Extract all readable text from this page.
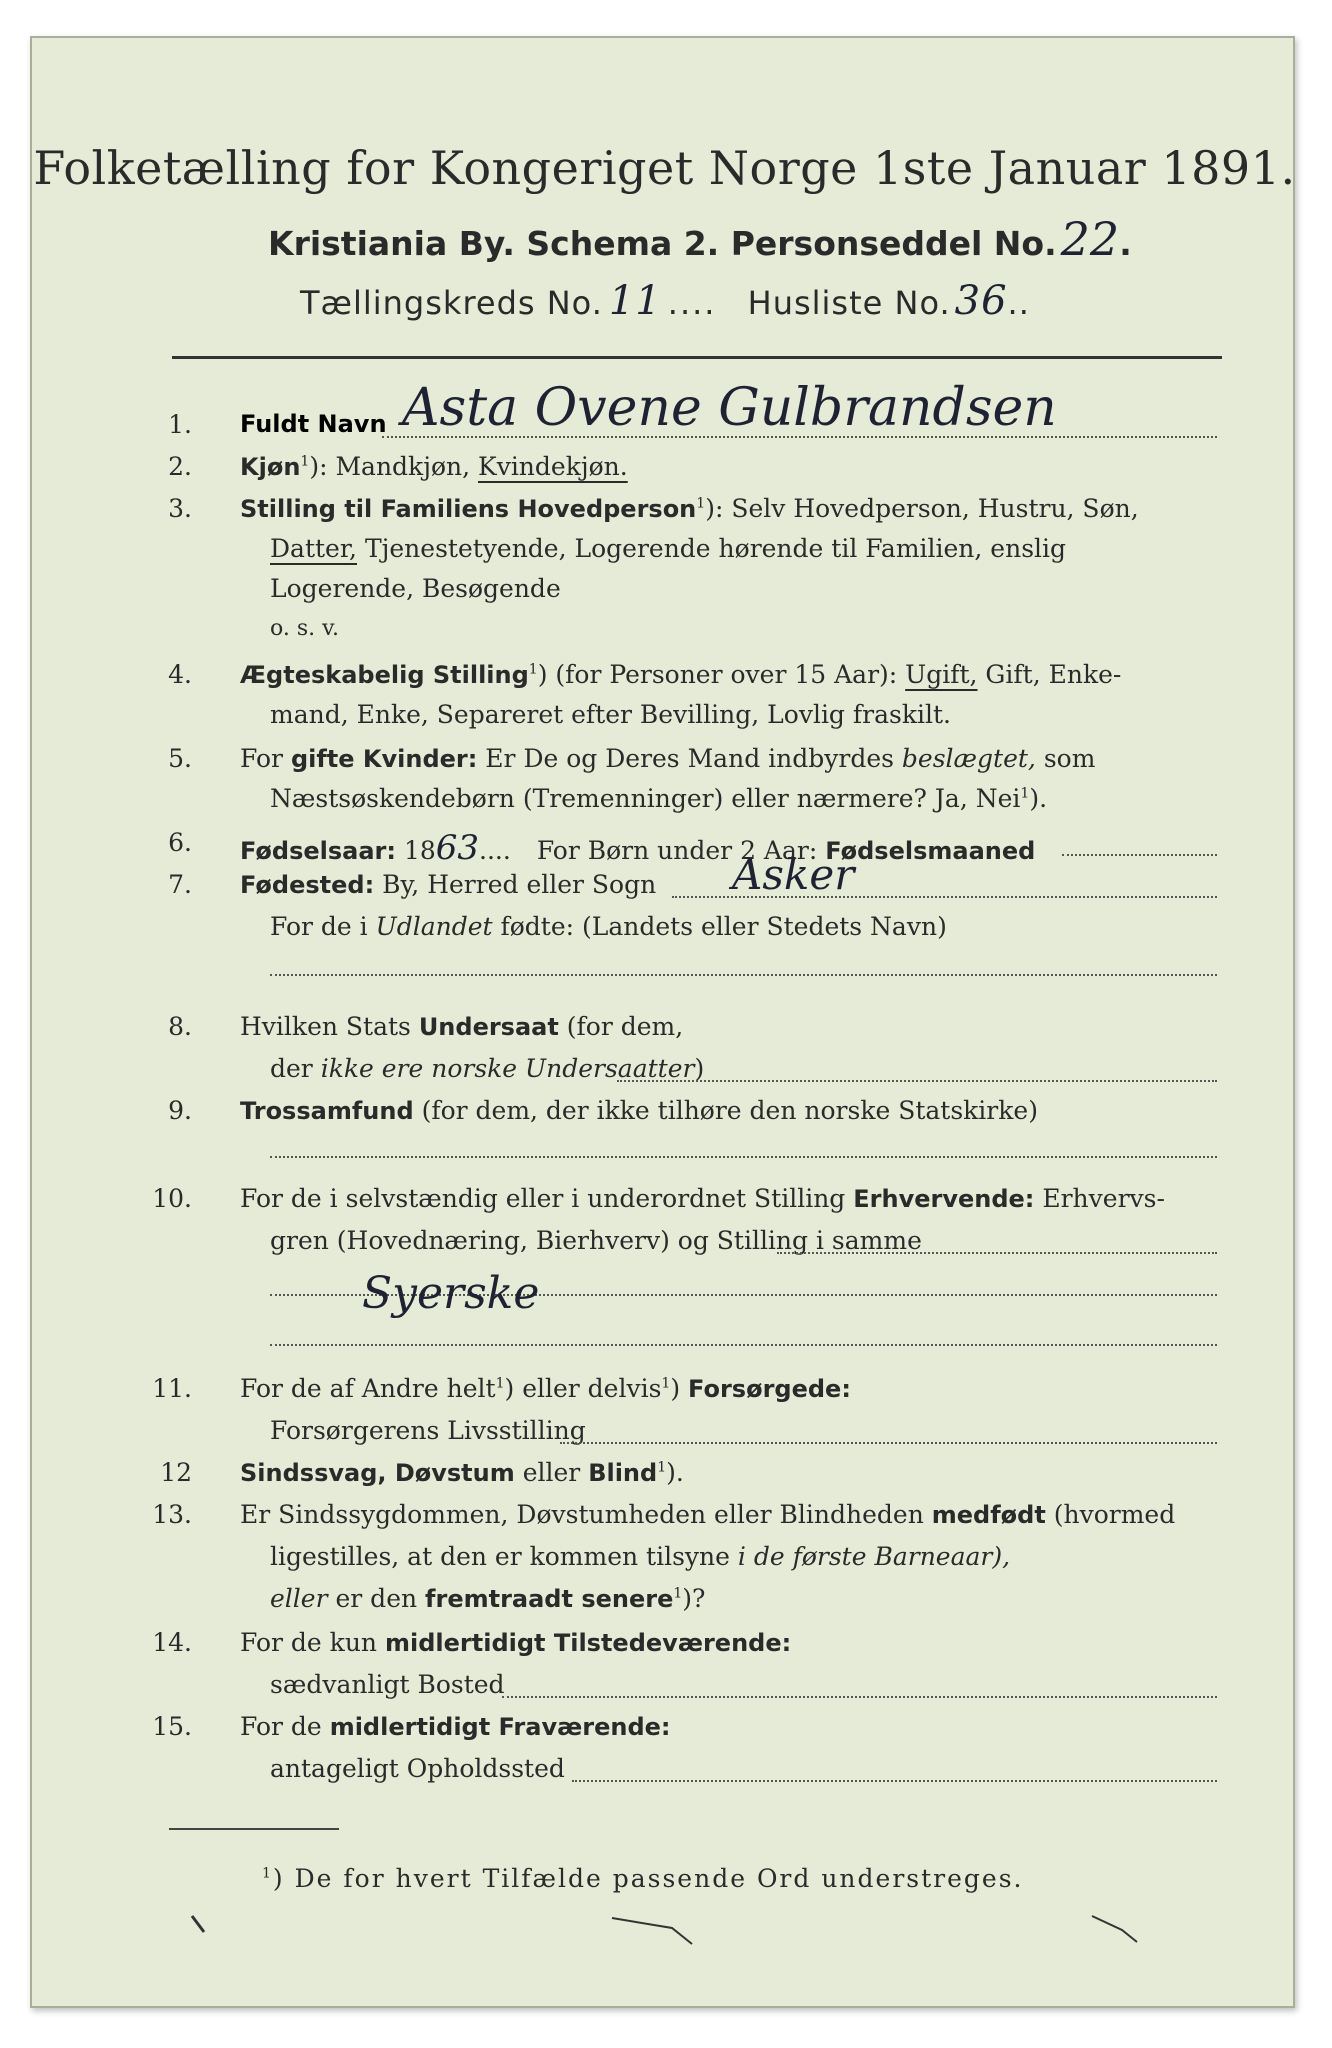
Folketælling for Kongeriget Norge 1ste Januar 1891.
Kristiania By. Schema 2. Personseddel No.22.
Tællingskreds No. 11 .... Husliste No. 36..
1. Fuldt Navn Asta Ovene Gulbrandsen
2. Kjøn$^1$): Mandkjøn, Kvindekjøn.
3. Stilling til Familiens Hovedperson$^1$): Selv Hovedperson, Hustru, Søn,
Datter, Tjenestetyende, Logerende hørende til Familien, enslig
Logerende, Besøgende
o. s. v.
4. Ægteskabelig Stilling$^1$) (for Personer over 15 Aar): Ugift, Gift, Enke-
mand, Enke, Separeret efter Bevilling, Lovlig fraskilt.
5. For gifte Kvinder: Er De og Deres Mand indbyrdes beslægtet, som
Næstsøskendebørn (Tremenninger) eller nærmere? Ja, Nei$^1$).
6. Fødselsaar: 1863.... For Børn under 2 Aar: Fødselsmaaned
7. Fødested: By, Herred eller Sogn Asker
For de i Udlandet fødte: (Landets eller Stedets Navn)
8. Hvilken Stats Undersaat (for dem,
der ikke ere norske Undersaatter)
9. Trossamfund (for dem, der ikke tilhøre den norske Statskirke)
10. For de i selvstændig eller i underordnet Stilling Erhvervende: Erhvervs-
gren (Hovednæring, Bierhverv) og Stilling i samme
Syerske
11. For de af Andre helt$^1$) eller delvis$^1$) Forsørgede:
Forsørgerens Livsstilling
12 Sindssvag, Døvstum eller Blind$^1$).
13. Er Sindssygdommen, Døvstumheden eller Blindheden medfødt (hvormed
ligestilles, at den er kommen tilsyne i de første Barneaar),
eller er den fremtraadt senere$^1$)?
14. For de kun midlertidigt Tilstedeværende:
sædvanligt Bosted
15. For de midlertidigt Fraværende:
antageligt Opholdssted
$^1$) De for hvert Tilfælde passende Ord understreges.
